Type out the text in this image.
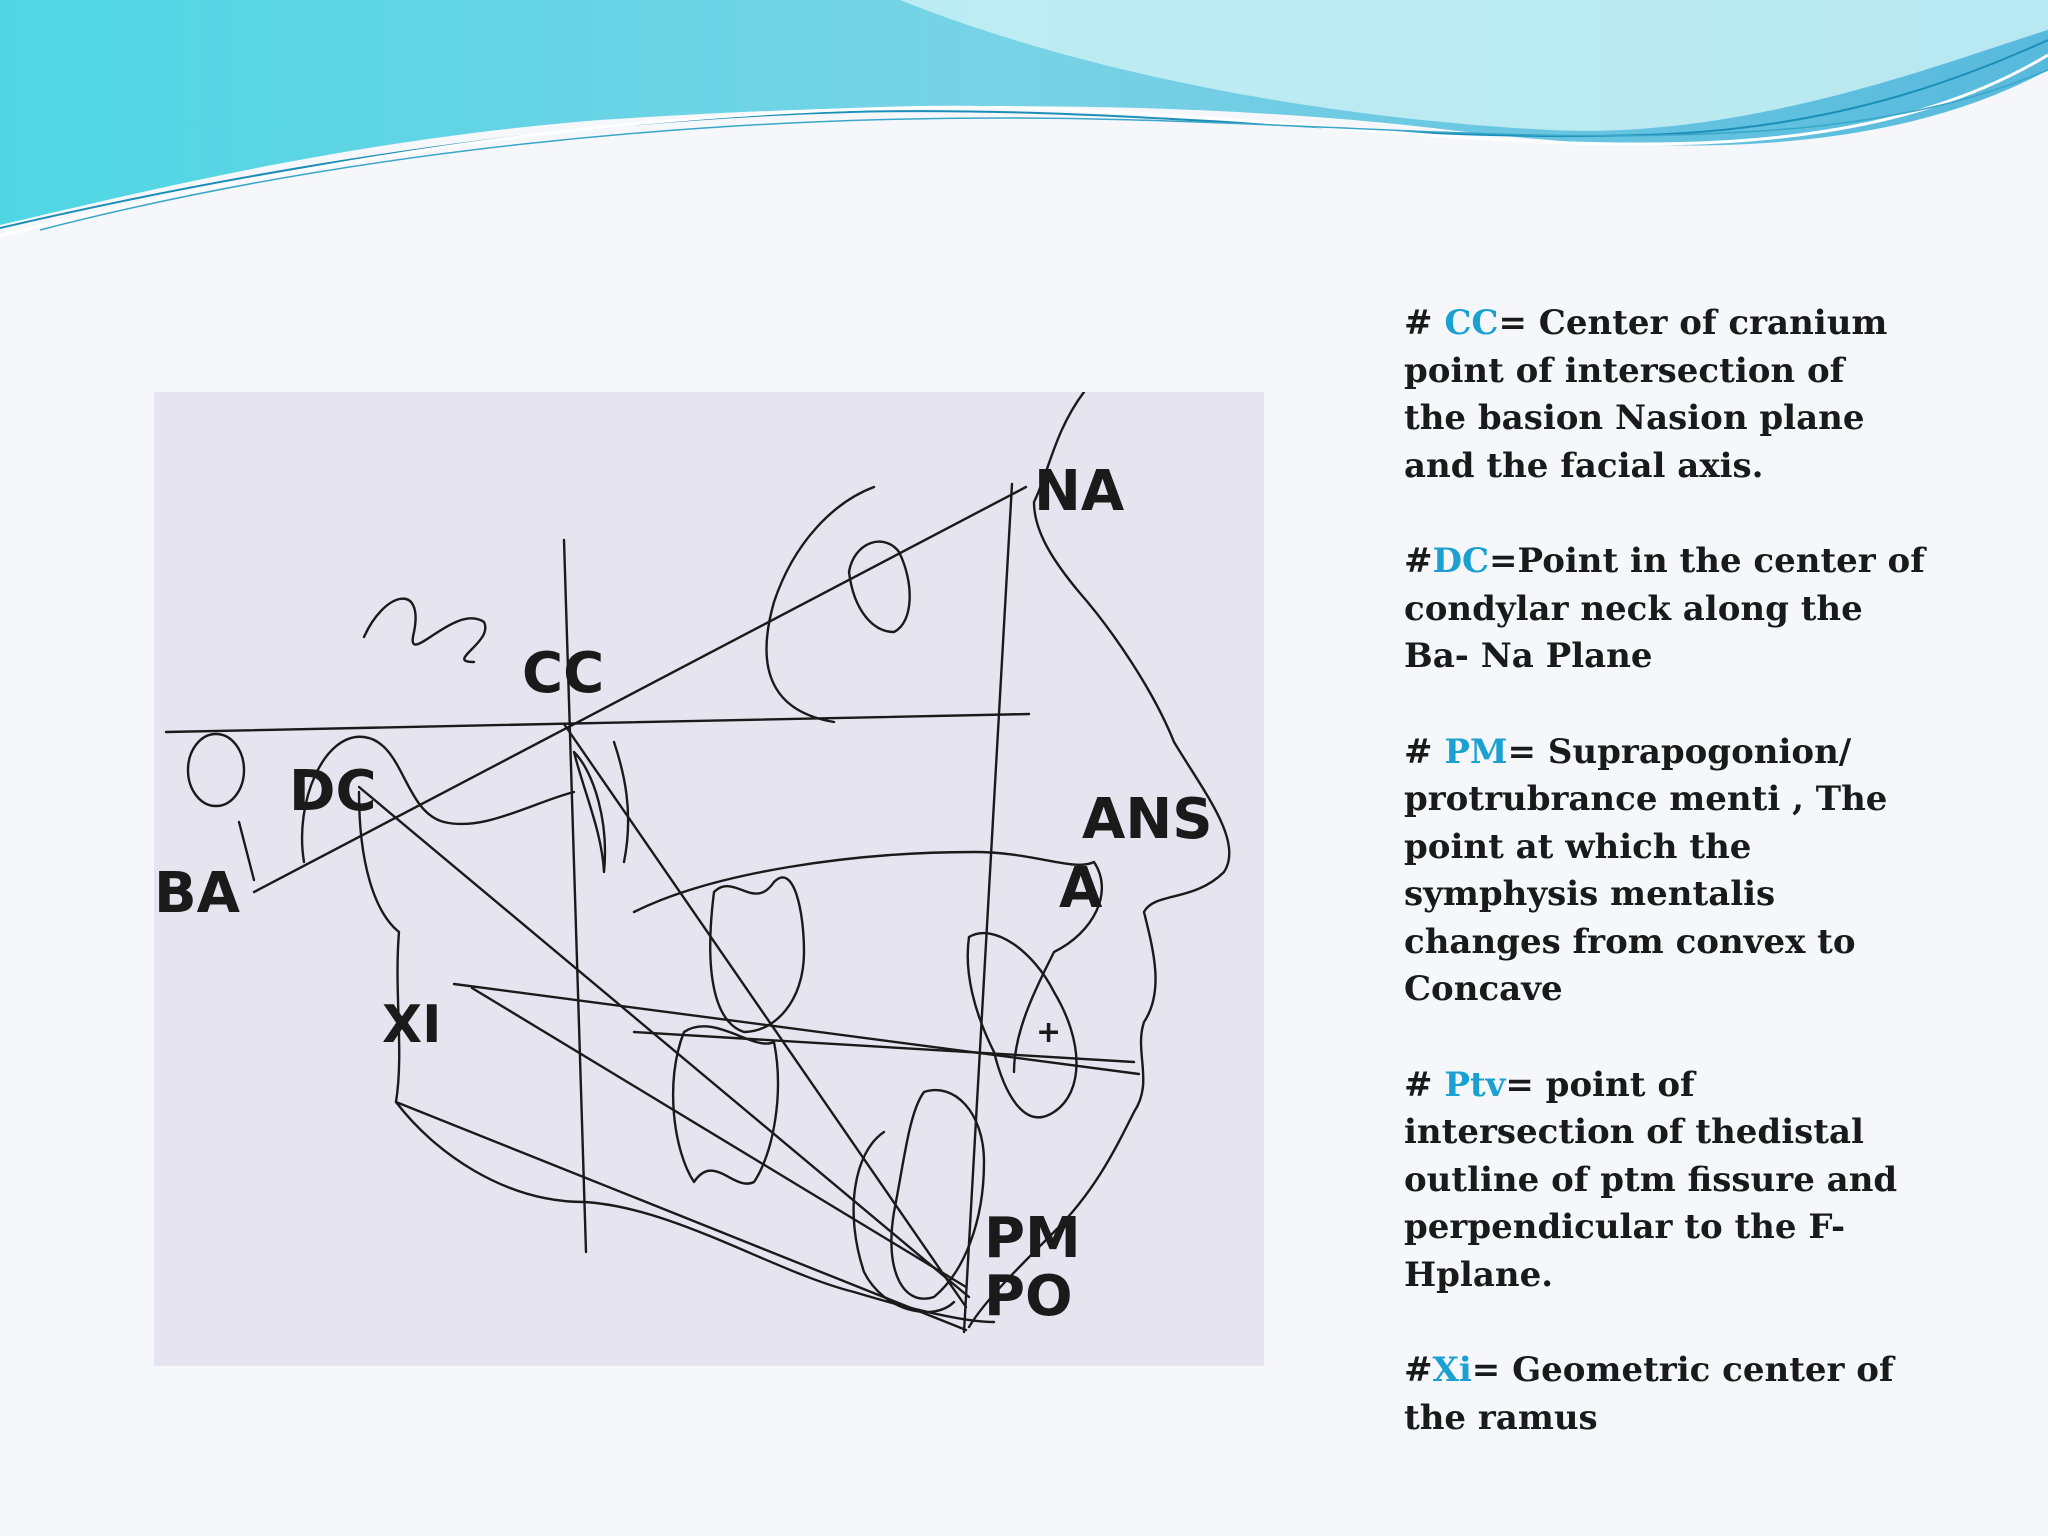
NA
CC
DC
BA
ANS
A
XI
PM
PO
+

# CC= Center of cranium

point of intersection of

the basion Nasion plane

and the facial axis.

#DC=Point in the center of

condylar neck along the

Ba- Na Plane

# PM= Suprapogonion/

protrubrance menti , The

point at which the

symphysis mentalis

changes from convex to

Concave

# Ptv= point of

intersection of thedistal

outline of ptm fissure and

perpendicular to the F-

Hplane.

#Xi= Geometric center of

the ramus
